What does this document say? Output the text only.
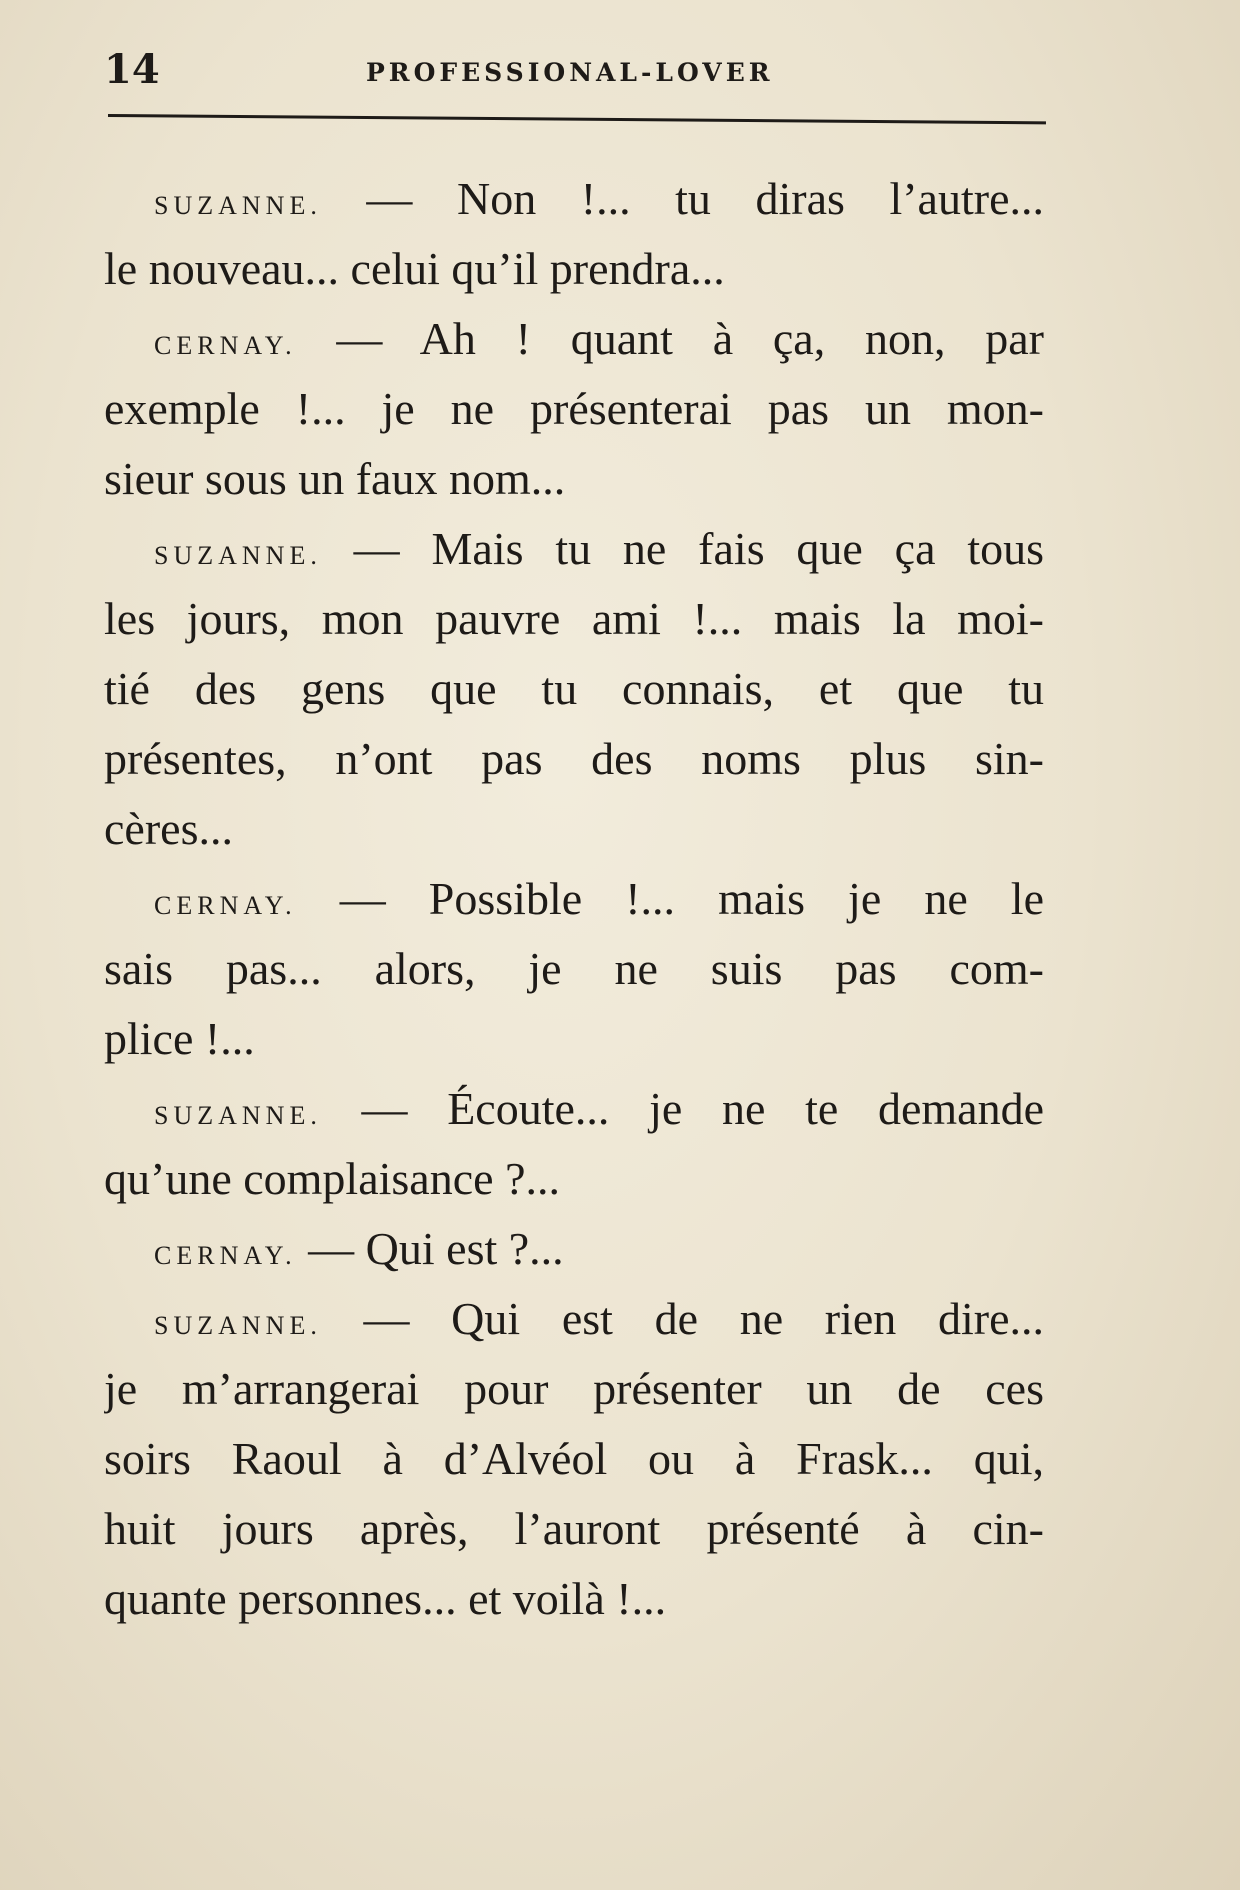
14	PROFESSIONAL-LOVER
SUZANNE. — Non !... tu diras l’autre...
le nouveau... celui qu’il prendra...
CERNAY. — Ah ! quant à ça, non, par
exemple !... je ne présenterai pas un mon-
sieur sous un faux nom...
SUZANNE. — Mais tu ne fais que ça tous
les jours, mon pauvre ami !... mais la moi-
tié des gens que tu connais, et que tu
présentes, n’ont pas des noms plus sin-
cères...
CERNAY. — Possible !... mais je ne le
sais pas... alors, je ne suis pas com-
plice !...
SUZANNE. — Écoute... je ne te demande
qu’une complaisance ?...
CERNAY. — Qui est ?...
SUZANNE. — Qui est de ne rien dire...
je m’arrangerai pour présenter un de ces
soirs Raoul à d’Alvéol ou à Frask... qui,
huit jours après, l’auront présenté à cin-
quante personnes... et voilà !...
